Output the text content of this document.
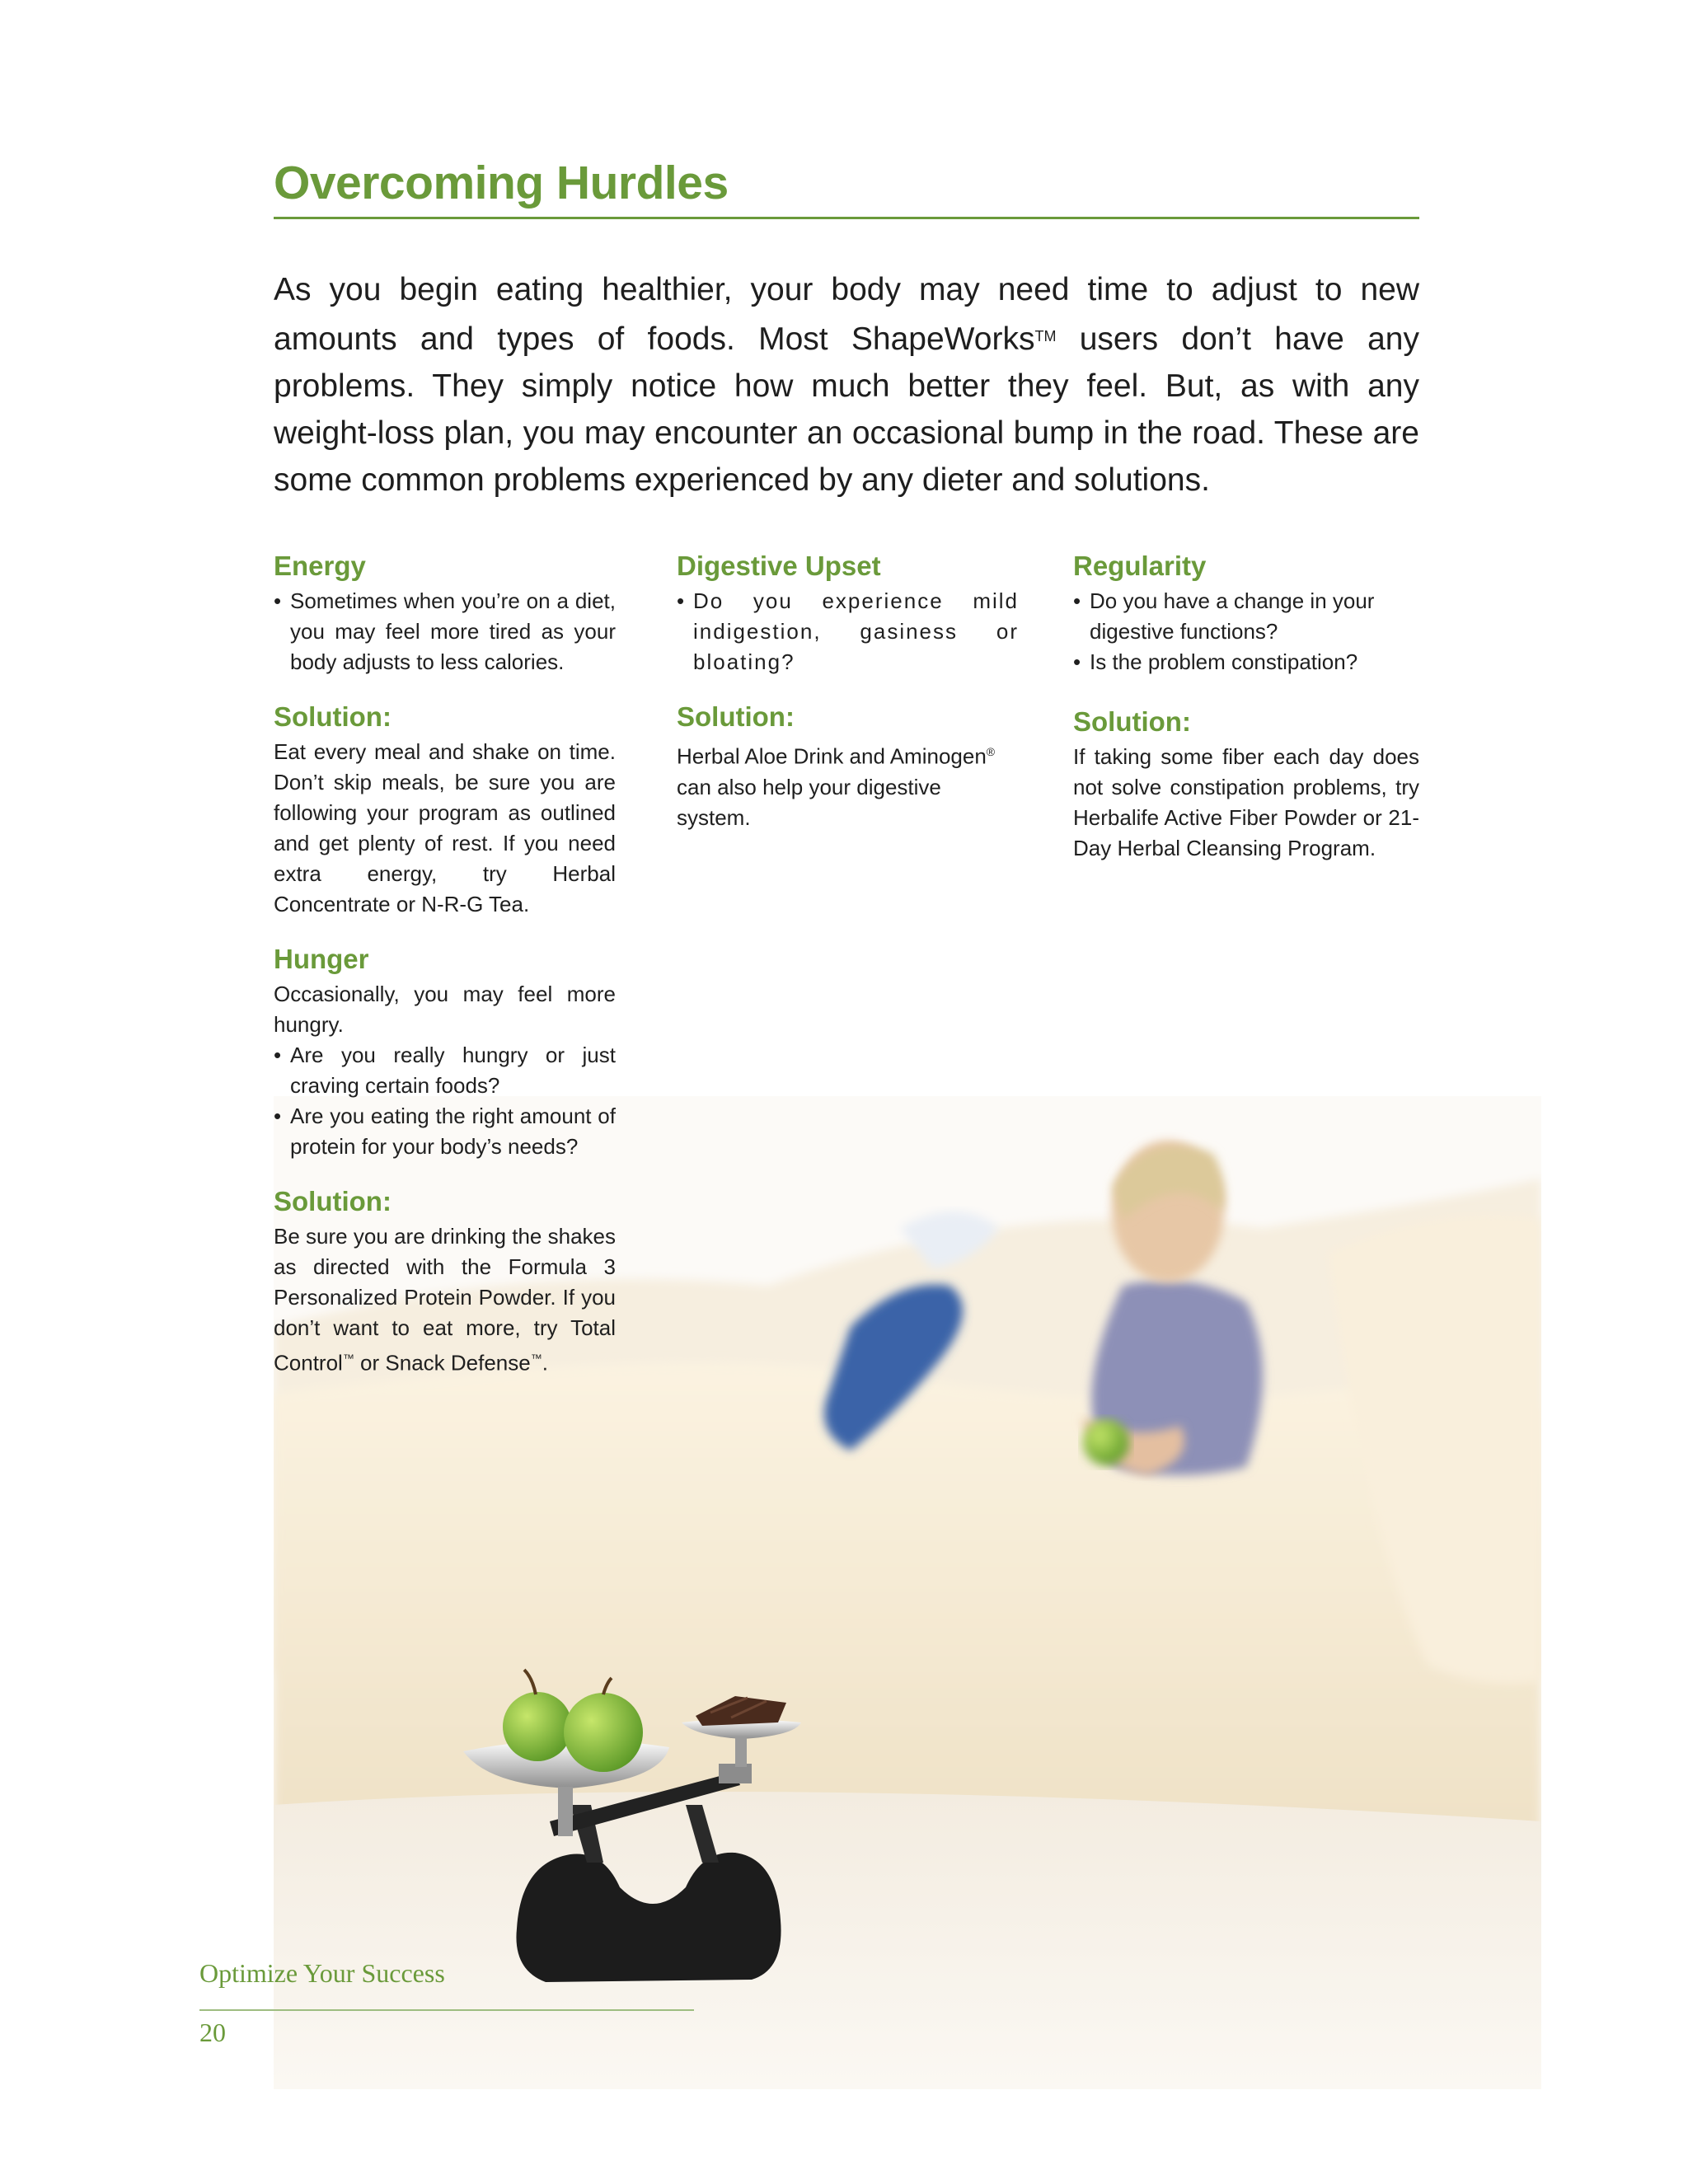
Overcoming Hurdles

As you begin eating healthier, your body may need time to adjust to new amounts and types of foods. Most ShapeWorks™ users don’t have any problems. They simply notice how much better they feel. But, as with any weight-loss plan, you may encounter an occasional bump in the road. These are some common problems experienced by any dieter and solutions.

Energy
• Sometimes when you’re on a diet, you may feel more tired as your body adjusts to less calories.
Solution:

Eat every meal and shake on time. Don’t skip meals, be sure you are following your program as outlined and get plenty of rest. If you need extra energy, try Herbal Concentrate or N-R-G Tea.

Hunger

Occasionally, you may feel more hungry.

• Are you really hungry or just craving certain foods?
• Are you eating the right amount of protein for your body’s needs?
Solution:

Be sure you are drinking the shakes as directed with the Formula 3 Personalized Protein Powder. If you don’t want to eat more, try Total Control™ or Snack Defense™.

Digestive Upset
• Do you experience mild indigestion, gasiness or bloating?
Solution:

Herbal Aloe Drink and Aminogen® can also help your digestive system.

Regularity
• Do you have a change in your digestive functions?
• Is the problem constipation?
Solution:

If taking some fiber each day does not solve constipation problems, try Herbalife Active Fiber Powder or 21-Day Herbal Cleansing Program.

Optimize Your Success
20
